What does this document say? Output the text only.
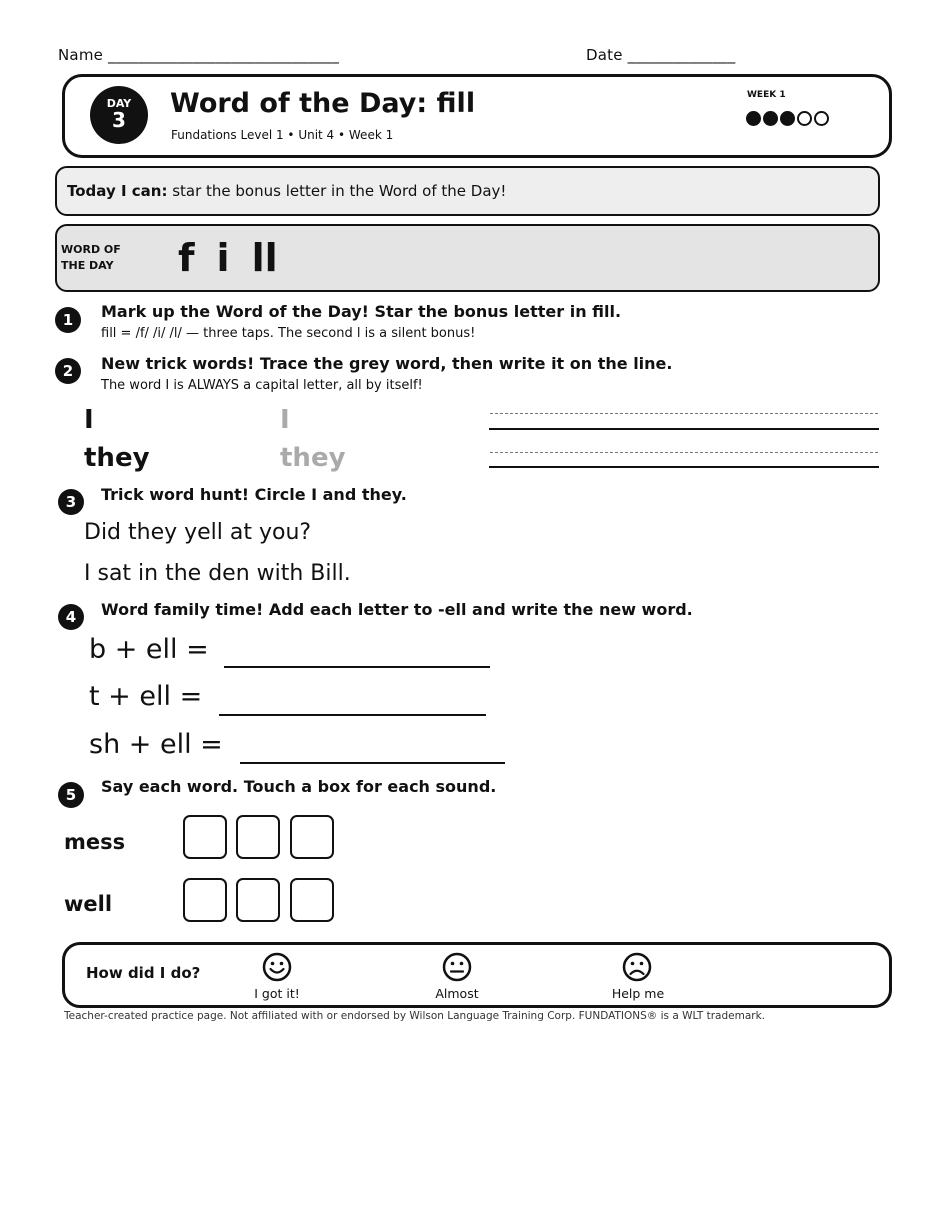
Name ______________________________	Date ______________
DAY
3
Word of the Day: fill
Fundations Level 1 • Unit 4 • Week 1
WEEK 1
Today I can: star the bonus letter in the Word of the Day!
WORD OF
THE DAY	f i ll
1	Mark up the Word of the Day! Star the bonus letter in fill.
fill = /f/ /i/ /l/ — three taps. The second l is a silent bonus!
2	New trick words! Trace the grey word, then write it on the line.
The word I is ALWAYS a capital letter, all by itself!
I	I
they	they
3	Trick word hunt! Circle I and they.
Did they yell at you?
I sat in the den with Bill.
4	Word family time! Add each letter to -ell and write the new word.
b + ell =
t + ell =
sh + ell =
5	Say each word. Touch a box for each sound.
mess
well
How did I do?
I got it!	Almost	Help me
Teacher-created practice page. Not affiliated with or endorsed by Wilson Language Training Corp. FUNDATIONS® is a WLT trademark.
